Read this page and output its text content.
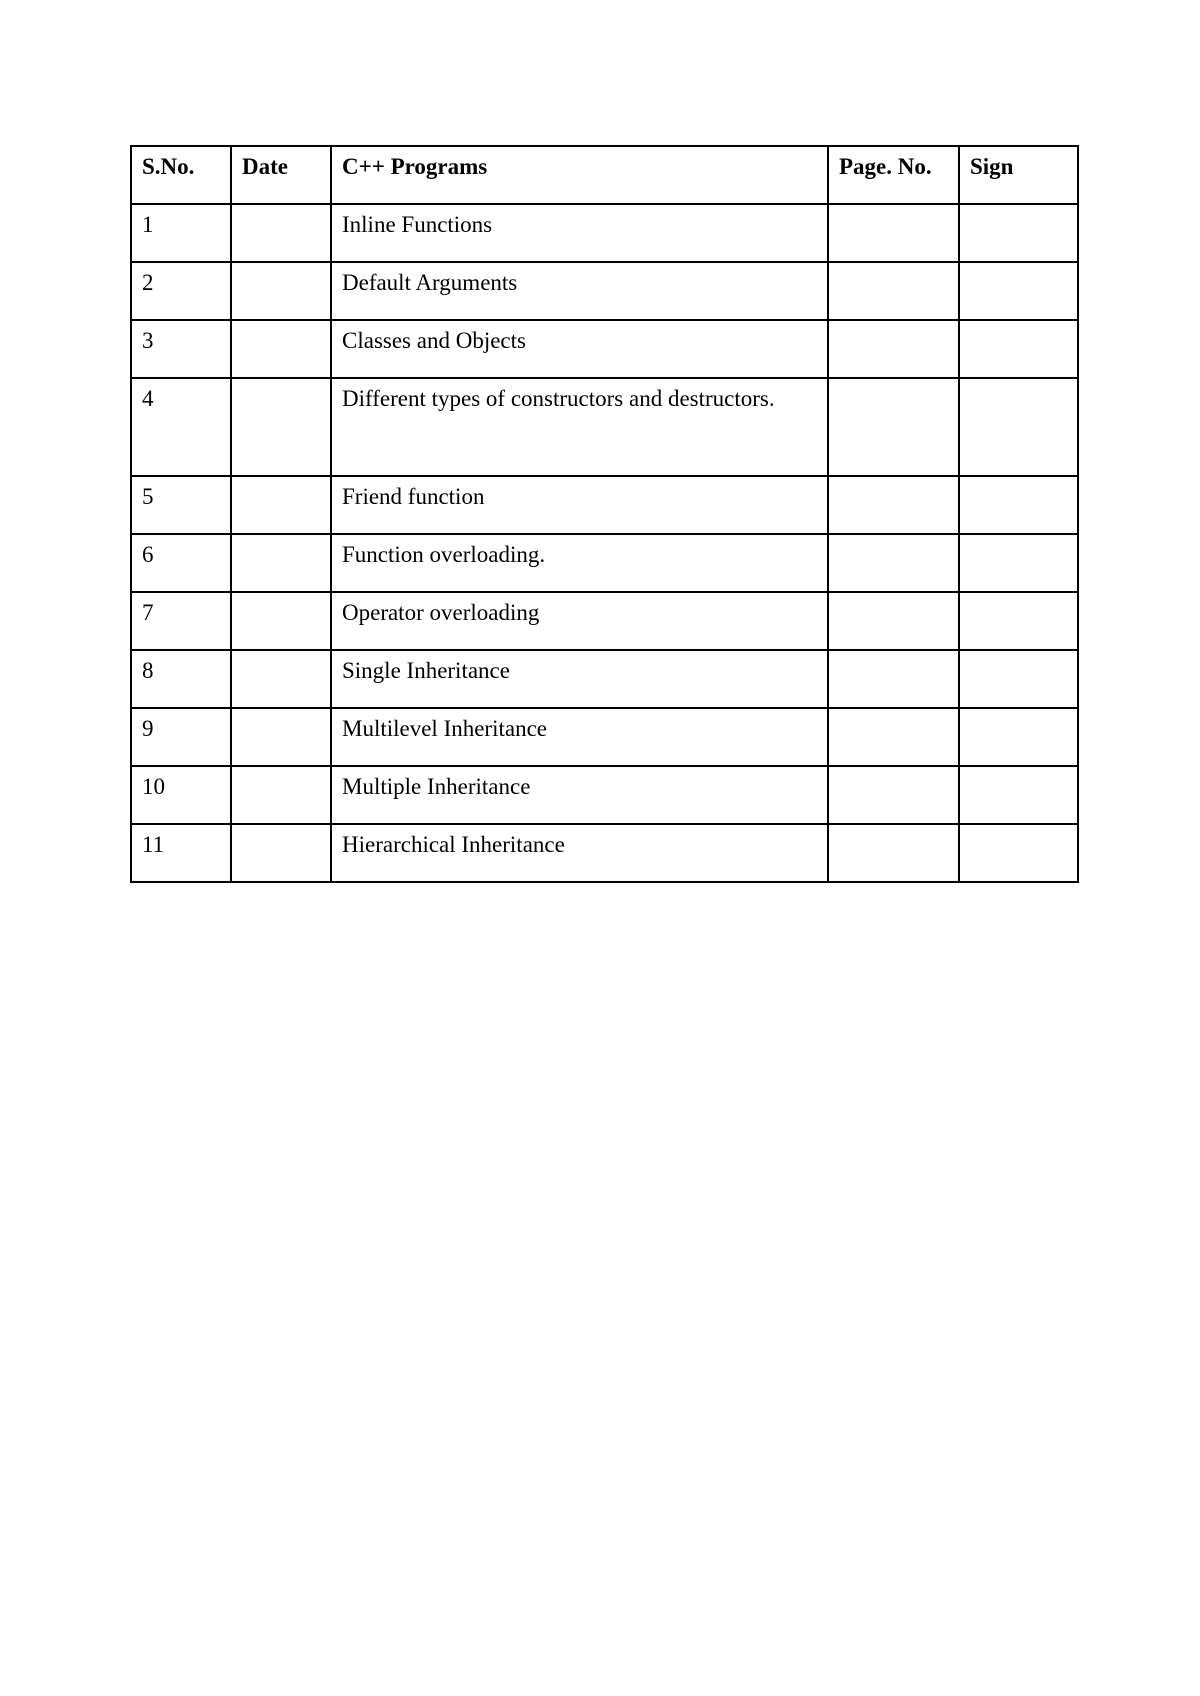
S.No.	Date	C++ Programs	Page. No.	Sign
1		Inline Functions		
2		Default Arguments		
3		Classes and Objects		
4		Different types of constructors and destructors.		
5		Friend function		
6		Function overloading.		
7		Operator overloading		
8		Single Inheritance		
9		Multilevel Inheritance		
10		Multiple Inheritance		
11		Hierarchical Inheritance		
